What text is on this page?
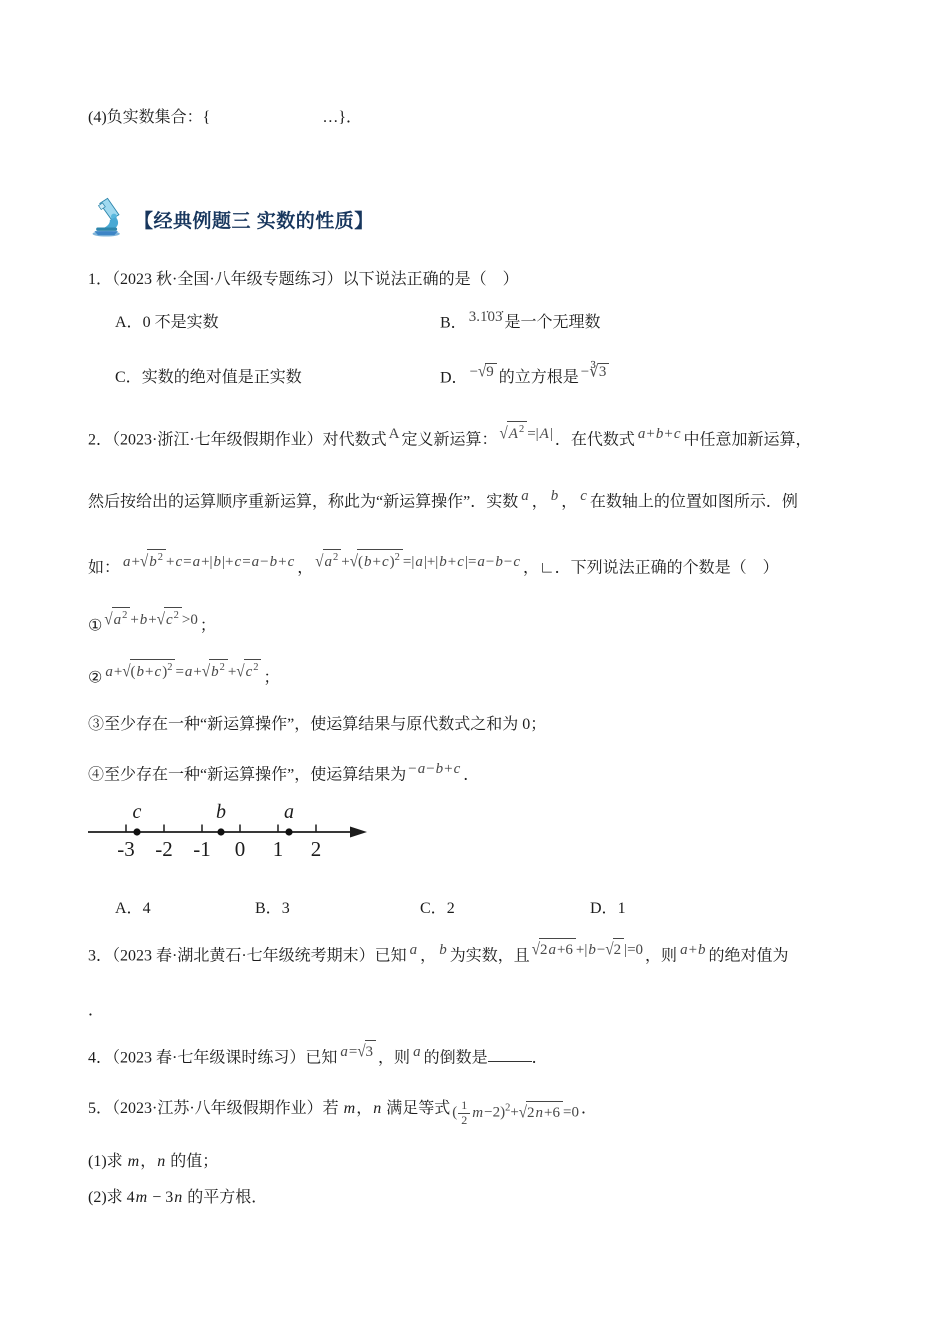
(4)负实数集合：{	…}．
【经典例题三 实数的性质】
1．（2023 秋·全国·八年级专题练习）以下说法正确的是（　）
A．0 不是实数	B． 3.1̇03̇ 是一个无理数
C．实数的绝对值是正实数	D． −√9 的立方根是 −∛3
2．（2023·浙江·七年级假期作业）对代数式 A 定义新运算： $√A^2 =|A|$ ．在代数式 a+b+c 中任意加新运算，
然后按给出的运算顺序重新运算，称此为“新运算操作”．实数 a ， b ， c 在数轴上的位置如图所示．例
如： $a+√b^2 +c=a+|b|+c=a-b+c$ ， $√a^2 +√(b+c)^2 =|a|+|b+c|=a-b-c$ ，∟．下列说法正确的个数是（　）
① $√a^2 +b+√c^2 >0$ ；
② $a+√(b+c)^2 =a+√b^2 +√c^2$；
③至少存在一种“新运算操作”，使运算结果与原代数式之和为 0；
④至少存在一种“新运算操作”，使运算结果为 −a−b+c ．
c	b	a
-3 -2 -1 0 1 2
A．4	B．3	C．2	D．1
3．（2023 春·湖北黄石·七年级统考期末）已知 a ， b 为实数，且 √2a+6 +|b−√2 |=0 ，则 a+b 的绝对值为
．
4．（2023 春·七年级课时练习）已知 a=√3 ，则 a 的倒数是	．
5．（2023·江苏·八年级假期作业）若 m，n 满足等式 ( $\frac{1}{2} m-2)^2+√2n+6 =0$ ．
(1)求 m，n 的值；
(2)求 4m − 3n 的平方根．
